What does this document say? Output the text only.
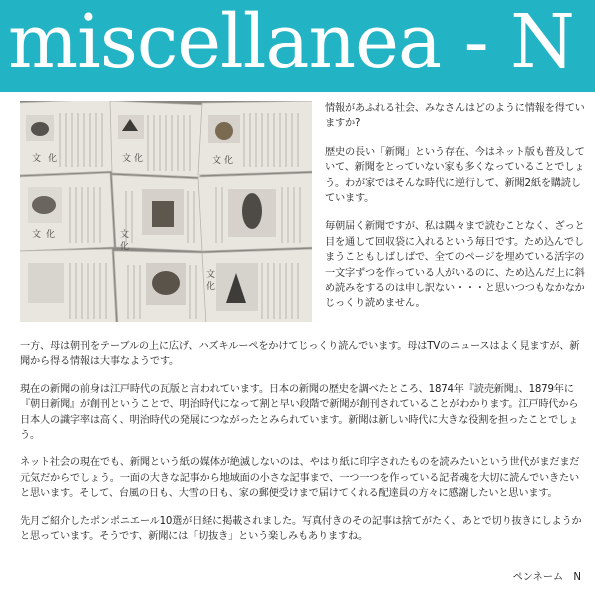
miscellanea - N
文 化	文 化	文 化
文 化	文
化
文
化

情報があふれる社会、みなさんはどのように情報を得ていますか?

歴史の長い「新聞」という存在、今はネット版も普及していて、新聞をとっていない家も多くなっていることでしょう。わが家ではそんな時代に逆行して、新聞2紙を購読しています。

毎朝届く新聞ですが、私は隅々まで読むことなく、ざっと目を通して回収袋に入れるという毎日です。ため込んでしまうこともしばしばで、全てのページを埋めている活字の一文字ずつを作っている人がいるのに、ため込んだ上に斜め読みをするのは申し訳ない・・・と思いつつもなかなかじっくり読めません。

一方、母は朝刊をテーブルの上に広げ、ハズキルーペをかけてじっくり読んでいます。母はTVのニュースはよく見ますが、新聞から得る情報は大事なようです。

現在の新聞の前身は江戸時代の瓦版と言われています。日本の新聞の歴史を調べたところ、1874年『読売新聞』、1879年に『朝日新聞』が創刊ということで、明治時代になって割と早い段階で新聞が創刊されていることがわかります。江戸時代から日本人の識字率は高く、明治時代の発展につながったとみられています。新聞は新しい時代に大きな役割を担ったことでしょう。

ネット社会の現在でも、新聞という紙の媒体が絶滅しないのは、やはり紙に印字されたものを読みたいという世代がまだまだ元気だからでしょう。一面の大きな記事から地域面の小さな記事まで、一つ一つを作っている記者魂を大切に読んでいきたいと思います。そして、台風の日も、大雪の日も、家の郵便受けまで届けてくれる配達員の方々に感謝したいと思います。

先月ご紹介したポンポニエール10選が日経に掲載されました。写真付きのその記事は捨てがたく、あとで切り抜きにしようかと思っています。そうです、新聞には「切抜き」という楽しみもありますね。

ペンネーム　N
